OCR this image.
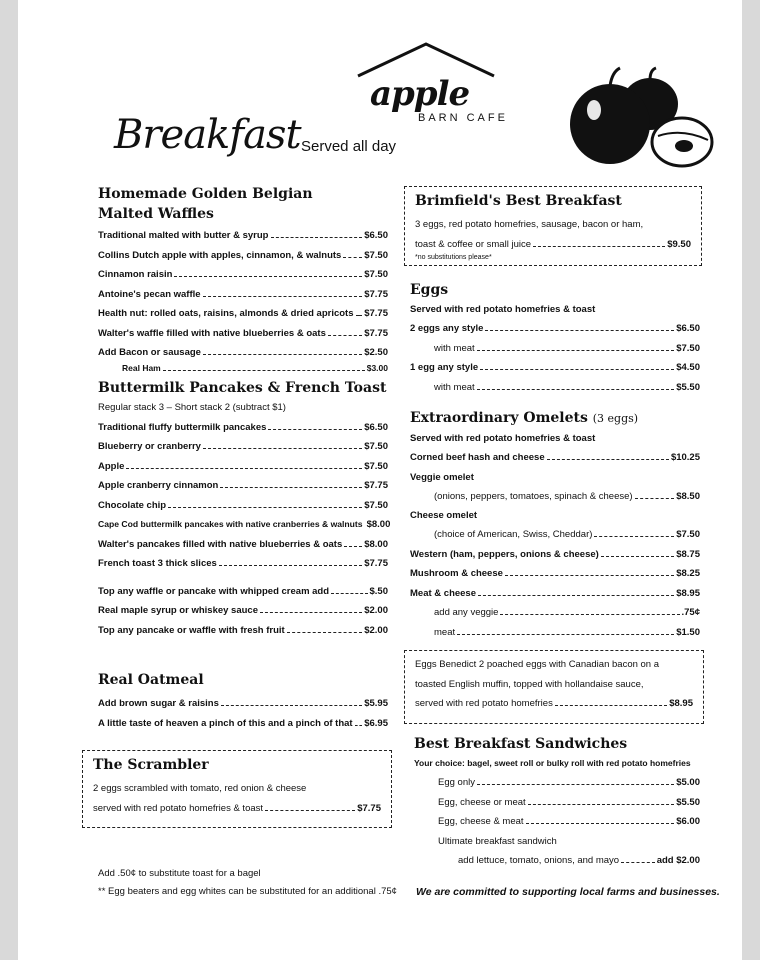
apple
BARN CAFE
Breakfast Served all day
Homemade Golden Belgian
Malted Waffles
Traditional malted with butter & syrup	$6.50
Collins Dutch apple with apples, cinnamon, & walnuts $7.50
Cinnamon raisin	$7.50
Antoine's pecan waffle	$7.75
Health nut: rolled oats, raisins, almonds & dried apricots $7.75
Walter's waffle filled with native blueberries & oats	$7.75
Add Bacon or sausage	$2.50
Real Ham	$3.00
Buttermilk Pancakes & French Toast
Regular stack 3 – Short stack 2 (subtract $1)
Traditional fluffy buttermilk pancakes	$6.50
Blueberry or cranberry	$7.50
Apple	$7.50
Apple cranberry cinnamon	$7.75
Chocolate chip	$7.50
Cape Cod buttermilk pancakes with native cranberries & walnuts $8.00
Walter's pancakes filled with native blueberries & oats $8.00
French toast 3 thick slices	$7.75
Top any waffle or pancake with whipped cream add	$.50
Real maple syrup or whiskey sauce	$2.00
Top any pancake or waffle with fresh fruit	$2.00
Real Oatmeal
Add brown sugar & raisins	$5.95
A little taste of heaven a pinch of this and a pinch of that $6.95
The Scrambler
2 eggs scrambled with tomato, red onion & cheese
served with red potato homefries & toast	$7.75
Add .50¢ to substitute toast for a bagel
** Egg beaters and egg whites can be substituted for an additional .75¢
Brimfield's Best Breakfast
3 eggs, red potato homefries, sausage, bacon or ham,
toast & coffee or small juice	$9.50
*no substitutions please*
Eggs
Served with red potato homefries & toast
2 eggs any style	$6.50
with meat	$7.50
1 egg any style	$4.50
with meat	$5.50
Extraordinary Omelets (3 eggs)
Served with red potato homefries & toast
Corned beef hash and cheese	$10.25
Veggie omelet
(onions, peppers, tomatoes, spinach & cheese)	$8.50
Cheese omelet
(choice of American, Swiss, Cheddar)	$7.50
Western (ham, peppers, onions & cheese)	$8.75
Mushroom & cheese	$8.25
Meat & cheese	$8.95
add any veggie	.75¢
meat	$1.50
Eggs Benedict 2 poached eggs with Canadian bacon on a
toasted English muffin, topped with hollandaise sauce,
served with red potato homefries	$8.95
Best Breakfast Sandwiches
Your choice: bagel, sweet roll or bulky roll with red potato homefries
Egg only	$5.00
Egg, cheese or meat	$5.50
Egg, cheese & meat	$6.00
Ultimate breakfast sandwich
add lettuce, tomato, onions, and mayo	add $2.00
We are committed to supporting local farms and businesses.
